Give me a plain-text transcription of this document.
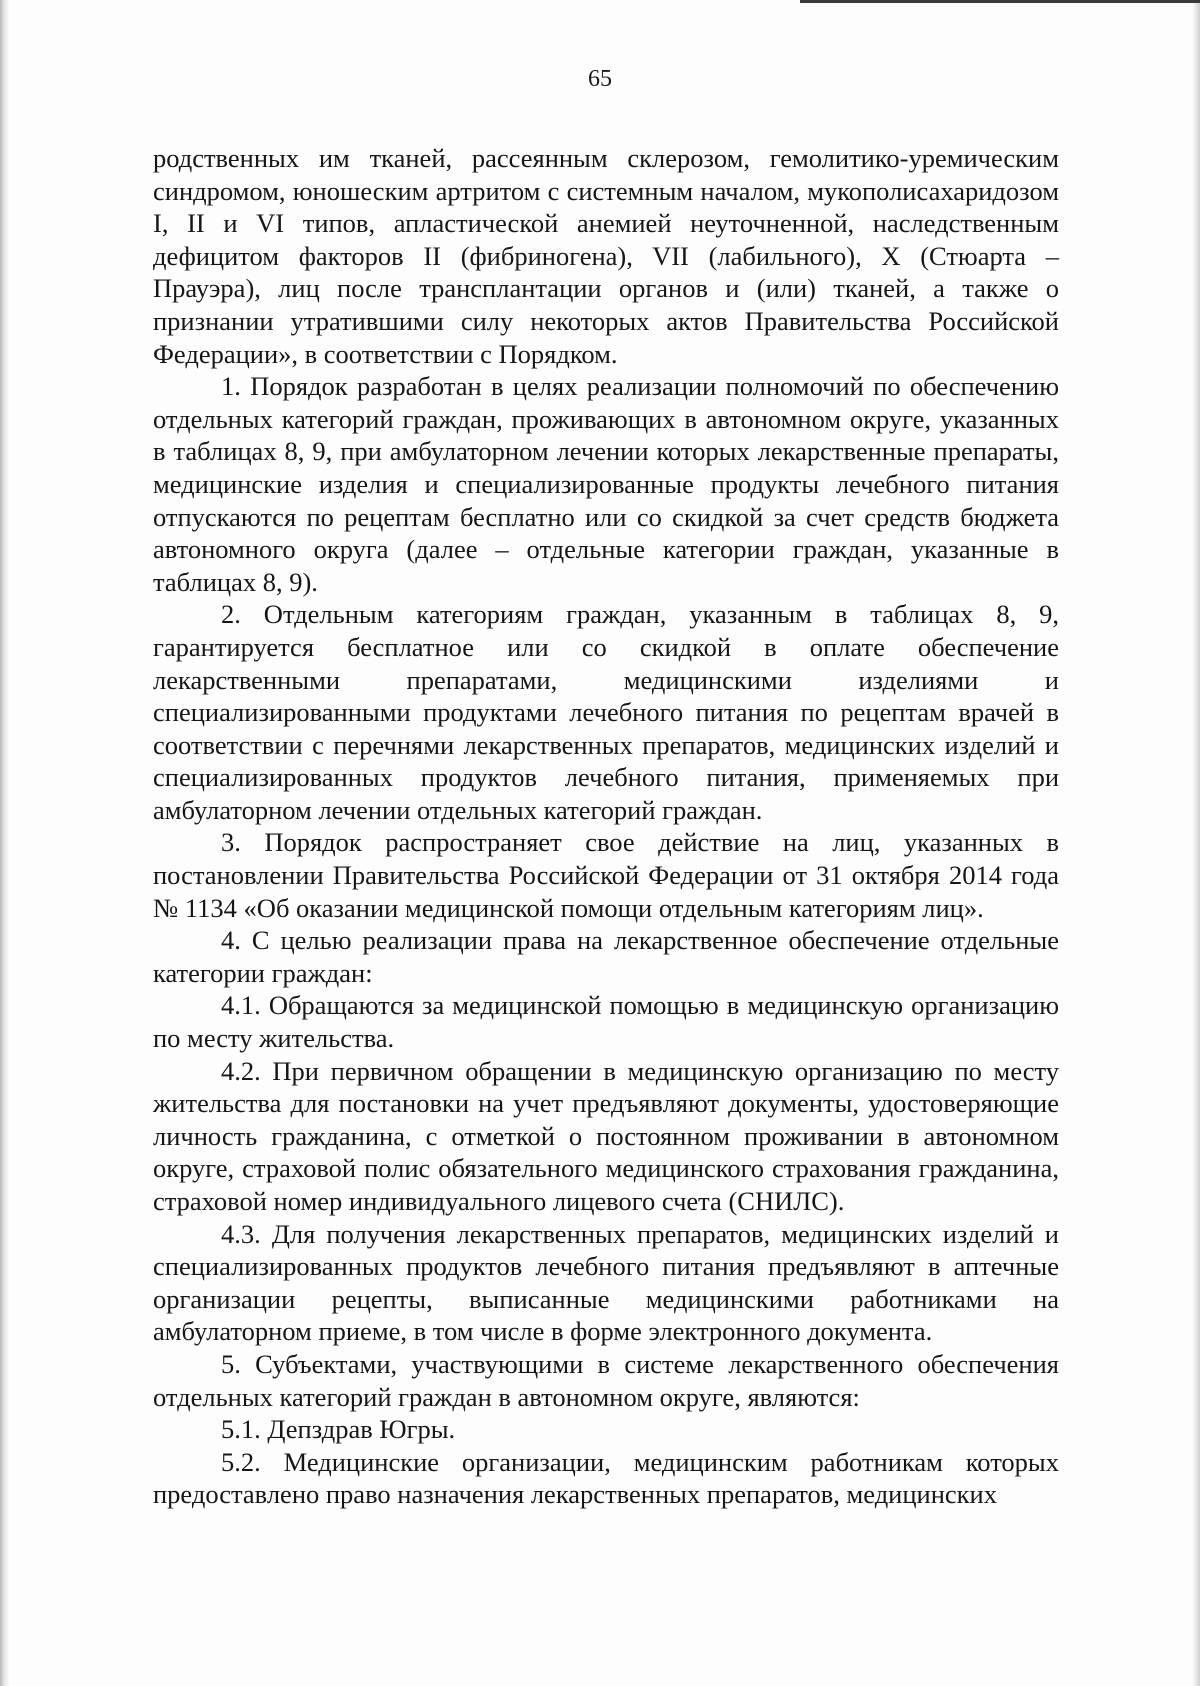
65

родственных им тканей, рассеянным склерозом, гемолитико-уремическим синдромом, юношеским артритом с системным началом, мукополисахаридозом I, II и VI типов, апластической анемией неуточненной, наследственным дефицитом факторов II (фибриногена), VII (лабильного), X (Стюарта – Прауэра), лиц после трансплантации органов и (или) тканей, а также о признании утратившими силу некоторых актов Правительства Российской Федерации», в соответствии с Порядком.

1. Порядок разработан в целях реализации полномочий по обеспечению отдельных категорий граждан, проживающих в автономном округе, указанных в таблицах 8, 9, при амбулаторном лечении которых лекарственные препараты, медицинские изделия и специализированные продукты лечебного питания отпускаются по рецептам бесплатно или со скидкой за счет средств бюджета автономного округа (далее – отдельные категории граждан, указанные в таблицах 8, 9).

2. Отдельным категориям граждан, указанным в таблицах 8, 9, гарантируется бесплатное или со скидкой в оплате обеспечение лекарственными препаратами, медицинскими изделиями и специализированными продуктами лечебного питания по рецептам врачей в соответствии с перечнями лекарственных препаратов, медицинских изделий и специализированных продуктов лечебного питания, применяемых при амбулаторном лечении отдельных категорий граждан.

3. Порядок распространяет свое действие на лиц, указанных в постановлении Правительства Российской Федерации от 31 октября 2014 года № 1134 «Об оказании медицинской помощи отдельным категориям лиц».

4. С целью реализации права на лекарственное обеспечение отдельные категории граждан:

4.1. Обращаются за медицинской помощью в медицинскую организацию по месту жительства.

4.2. При первичном обращении в медицинскую организацию по месту жительства для постановки на учет предъявляют документы, удостоверяющие личность гражданина, с отметкой о постоянном проживании в автономном округе, страховой полис обязательного медицинского страхования гражданина, страховой номер индивидуального лицевого счета (СНИЛС).

4.3. Для получения лекарственных препаратов, медицинских изделий и специализированных продуктов лечебного питания предъявляют в аптечные организации рецепты, выписанные медицинскими работниками на амбулаторном приеме, в том числе в форме электронного документа.

5. Субъектами, участвующими в системе лекарственного обеспечения отдельных категорий граждан в автономном округе, являются:

5.1. Депздрав Югры.

5.2. Медицинские организации, медицинским работникам которых предоставлено право назначения лекарственных препаратов, медицинских
